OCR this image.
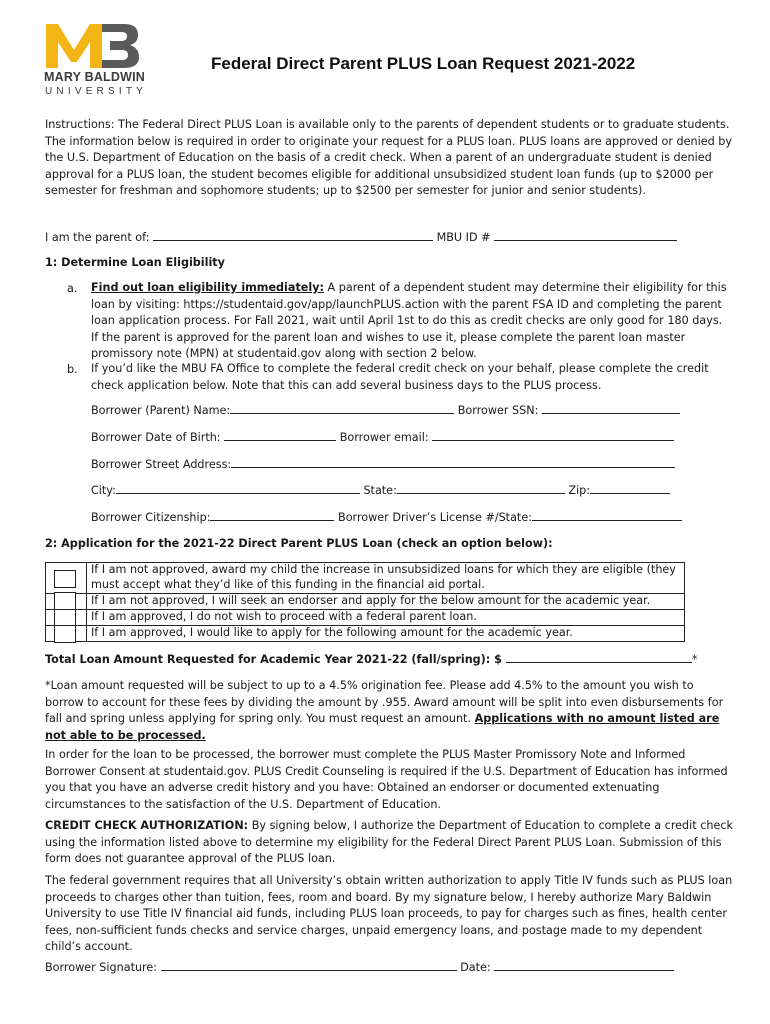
MARY BALDWIN
UNIVERSITY
Federal Direct Parent PLUS Loan Request 2021-2022
Instructions: The Federal Direct PLUS Loan is available only to the parents of dependent students or to graduate students. The information below is required in order to originate your request for a PLUS loan. PLUS loans are approved or denied by the U.S. Department of Education on the basis of a credit check. When a parent of an undergraduate student is denied approval for a PLUS loan, the student becomes eligible for additional unsubsidized student loan funds (up to $2000 per semester for freshman and sophomore students; up to $2500 per semester for junior and senior students).
I am the parent of:	MBU ID #
1: Determine Loan Eligibility
a. Find out loan eligibility immediately: A parent of a dependent student may determine their eligibility for this loan by visiting: https://studentaid.gov/app/launchPLUS.action with the parent FSA ID and completing the parent loan application process. For Fall 2021, wait until April 1st to do this as credit checks are only good for 180 days. If the parent is approved for the parent loan and wishes to use it, please complete the parent loan master promissory note (MPN) at studentaid.gov along with section 2 below.
b. If you’d like the MBU FA Office to complete the federal credit check on your behalf, please complete the credit check application below. Note that this can add several business days to the PLUS process.
Borrower (Parent) Name:	Borrower SSN:
Borrower Date of Birth:	Borrower email:
Borrower Street Address:
City:	State:	Zip:
Borrower Citizenship:	Borrower Driver’s License #/State:
2: Application for the 2021-22 Direct Parent PLUS Loan (check an option below):
	If I am not approved, award my child the increase in unsubsidized loans for which they are eligible (they must accept what they’d like of this funding in the financial aid portal.
	If I am not approved, I will seek an endorser and apply for the below amount for the academic year.
	If I am approved, I do not wish to proceed with a federal parent loan.
	If I am approved, I would like to apply for the following amount for the academic year.
Total Loan Amount Requested for Academic Year 2021-22 (fall/spring): $	*
*Loan amount requested will be subject to up to a 4.5% origination fee. Please add 4.5% to the amount you wish to borrow to account for these fees by dividing the amount by .955. Award amount will be split into even disbursements for fall and spring unless applying for spring only. You must request an amount. Applications with no amount listed are not able to be processed.
In order for the loan to be processed, the borrower must complete the PLUS Master Promissory Note and Informed Borrower Consent at studentaid.gov. PLUS Credit Counseling is required if the U.S. Department of Education has informed you that you have an adverse credit history and you have: Obtained an endorser or documented extenuating circumstances to the satisfaction of the U.S. Department of Education.
CREDIT CHECK AUTHORIZATION: By signing below, I authorize the Department of Education to complete a credit check using the information listed above to determine my eligibility for the Federal Direct Parent PLUS Loan. Submission of this form does not guarantee approval of the PLUS loan.
The federal government requires that all University’s obtain written authorization to apply Title IV funds such as PLUS loan proceeds to charges other than tuition, fees, room and board. By my signature below, I hereby authorize Mary Baldwin University to use Title IV financial aid funds, including PLUS loan proceeds, to pay for charges such as fines, health center fees, non-sufficient funds checks and service charges, unpaid emergency loans, and postage made to my dependent child’s account.
Borrower Signature:	Date:
